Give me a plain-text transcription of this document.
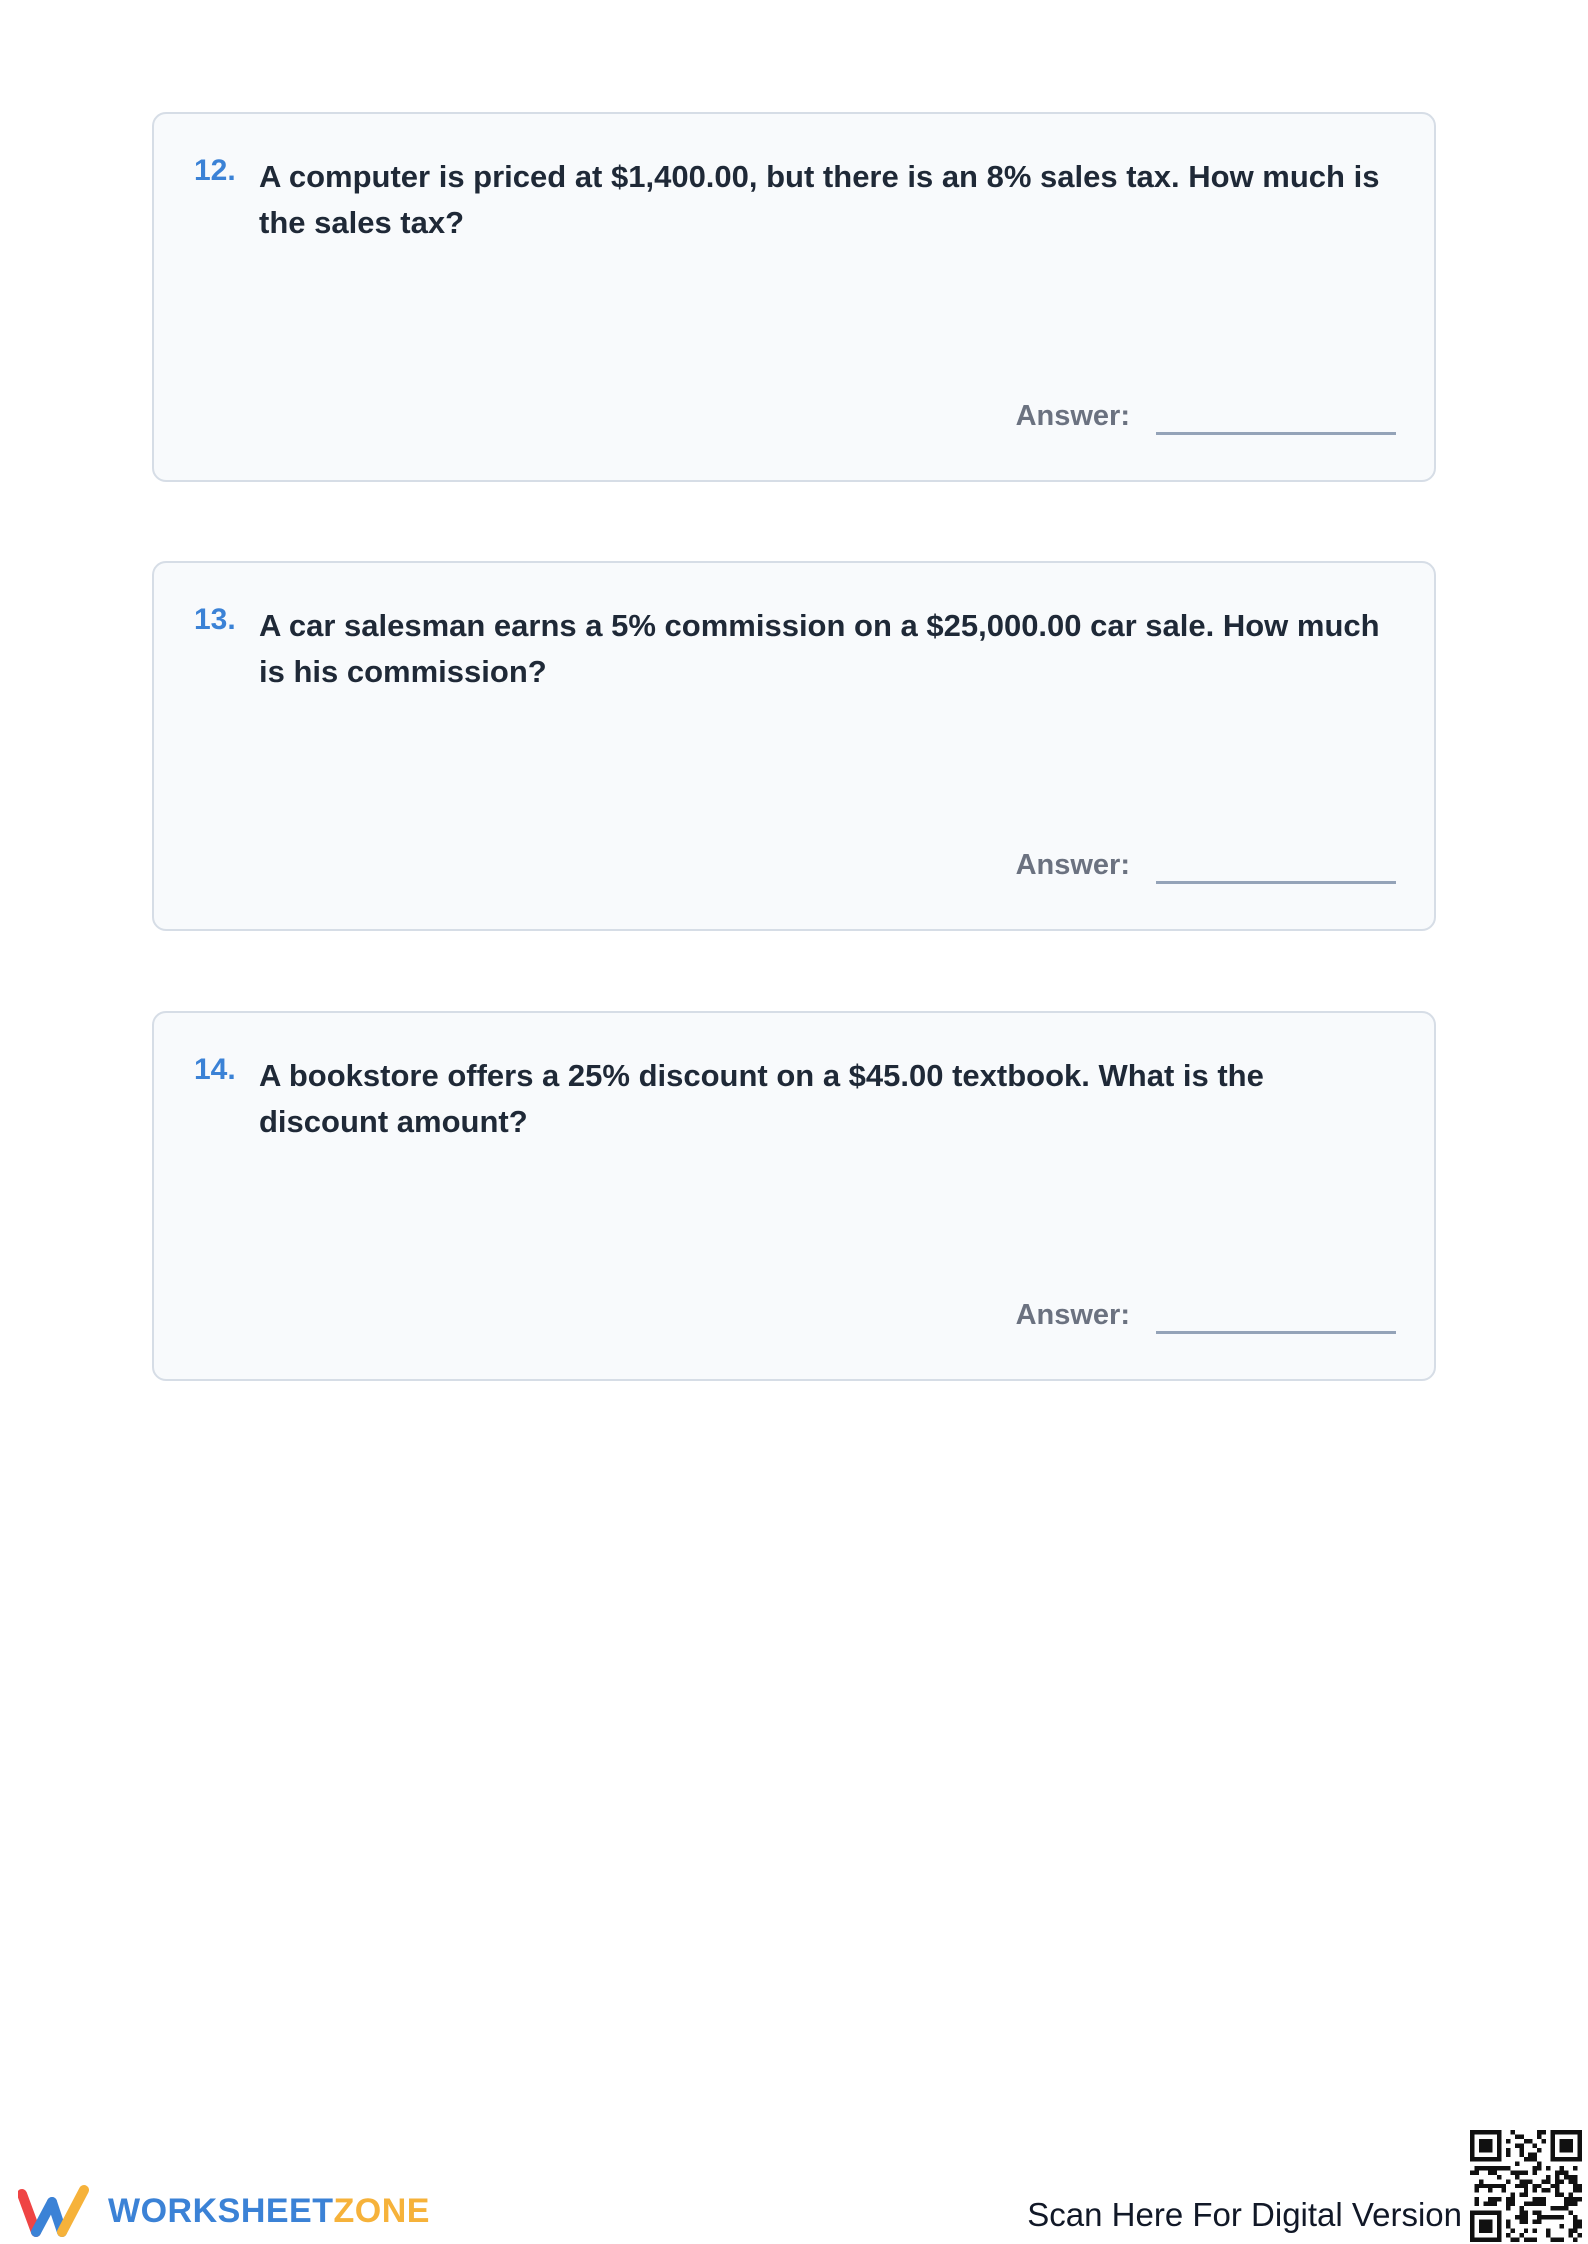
12. A computer is priced at $1,400.00, but there is an 8% sales tax. How much is the sales tax?

Answer:
13. A car salesman earns a 5% commission on a $25,000.00 car sale. How much is his commission?

Answer:
14. A bookstore offers a 25% discount on a $45.00 textbook. What is the discount amount?

Answer:
WORKSHEETZONE	Scan Here For Digital Version
